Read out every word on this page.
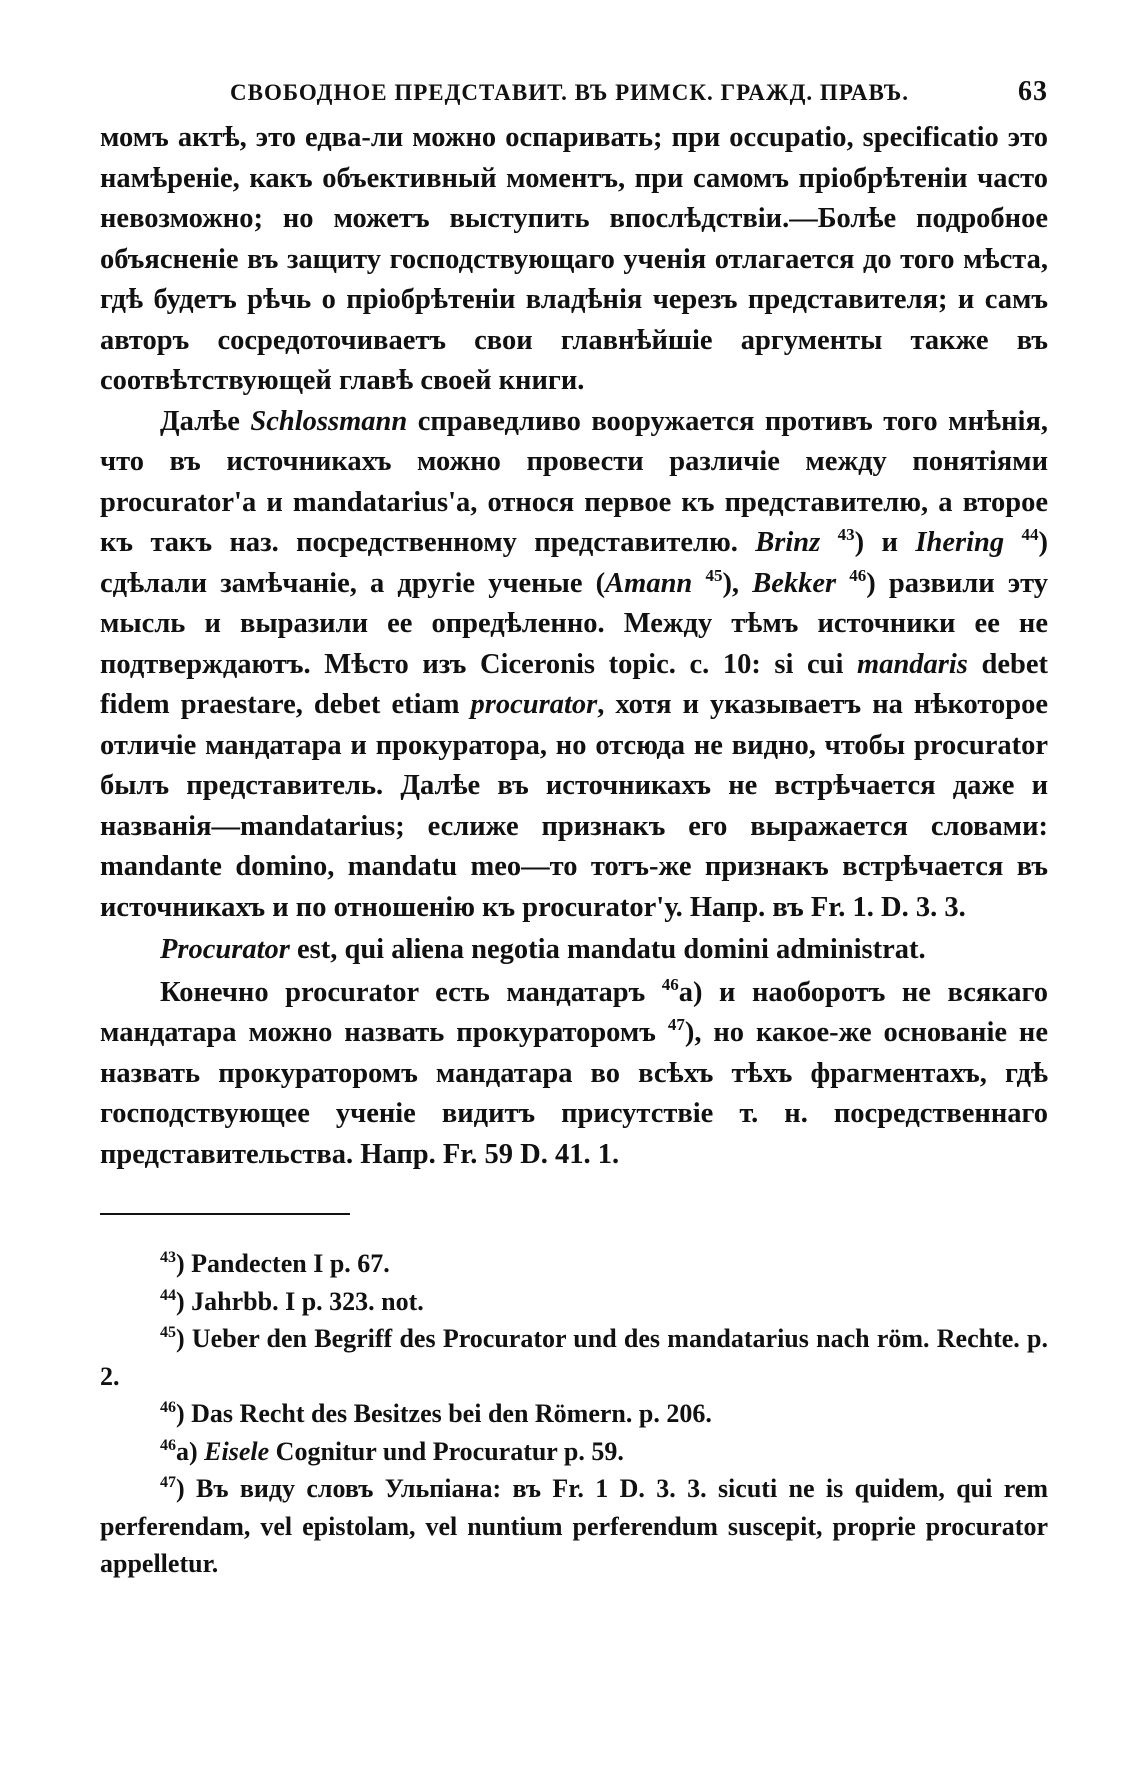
СВОБОДНОЕ ПРЕДСТАВИТ. ВЪ РИМСК. ГРАЖД. ПРАВЪ.	63

момъ актѣ, это едва-ли можно оспаривать; при occupatio, specificatio это намѣреніе, какъ объективный моментъ, при самомъ пріобрѣтеніи часто невозможно; но можетъ выступить впослѣдствіи.—Болѣе подробное объясненіе въ защиту господствующаго ученія отлагается до того мѣста, гдѣ будетъ рѣчь о пріобрѣтеніи владѣнія черезъ представителя; и самъ авторъ сосредоточиваетъ свои главнѣйшіе аргументы также въ соотвѣтствующей главѣ своей книги.

Далѣе Schlossmann справедливо вооружается противъ того мнѣнія, что въ источникахъ можно провести различіе между понятіями procurator'а и mandatarius'а, относя первое къ представителю, а второе къ такъ наз. посредственному представителю. Brinz $^{43}$) и Ihering $^{44}$) сдѣлали замѣчаніе, а другіе ученые (Amann $^{45}$), Bekker $^{46}$) развили эту мысль и выразили ее опредѣленно. Между тѣмъ источники ее не подтверждаютъ. Мѣсто изъ Ciceronis topic. c. 10: si cui mandaris debet fidem praestare, debet etiam procurator, хотя и указываетъ на нѣкоторое отличіе мандатара и прокуратора, но отсюда не видно, чтобы procurator былъ представитель. Далѣе въ источникахъ не встрѣчается даже и названія—mandatarius; еслиже признакъ его выражается словами: mandante domino, mandatu meo—то тотъ-же признакъ встрѣчается въ источникахъ и по отношенію къ procurator'у. Напр. въ Fr. 1. D. 3. 3.

Procurator est, qui aliena negotia mandatu domini administrat.

Конечно procurator есть мандатаръ $^{46}$а) и наоборотъ не всякаго мандатара можно назвать прокураторомъ $^{47}$), но какое-же основаніе не назвать прокураторомъ мандатара во всѣхъ тѣхъ фрагментахъ, гдѣ господствующее ученіе видитъ присутствіе т. н. посредственнаго представительства. Напр. Fr. 59 D. 41. 1.

$^{43}$) Pandecten I p. 67.

$^{44}$) Jahrbb. I p. 323. not.

$^{45}$) Ueber den Begriff des Procurator und des mandatarius nach röm. Rechte. p. 2.

$^{46}$) Das Recht des Besitzes bei den Römern. p. 206.

$^{46}$a) Eisele Cognitur und Procuratur p. 59.

$^{47}$) Въ виду словъ Ульпіана: въ Fr. 1 D. 3. 3. sicuti ne is quidem, qui rem perferendam, vel epistolam, vel nuntium perferendum suscepit, proprie procurator appelletur.
